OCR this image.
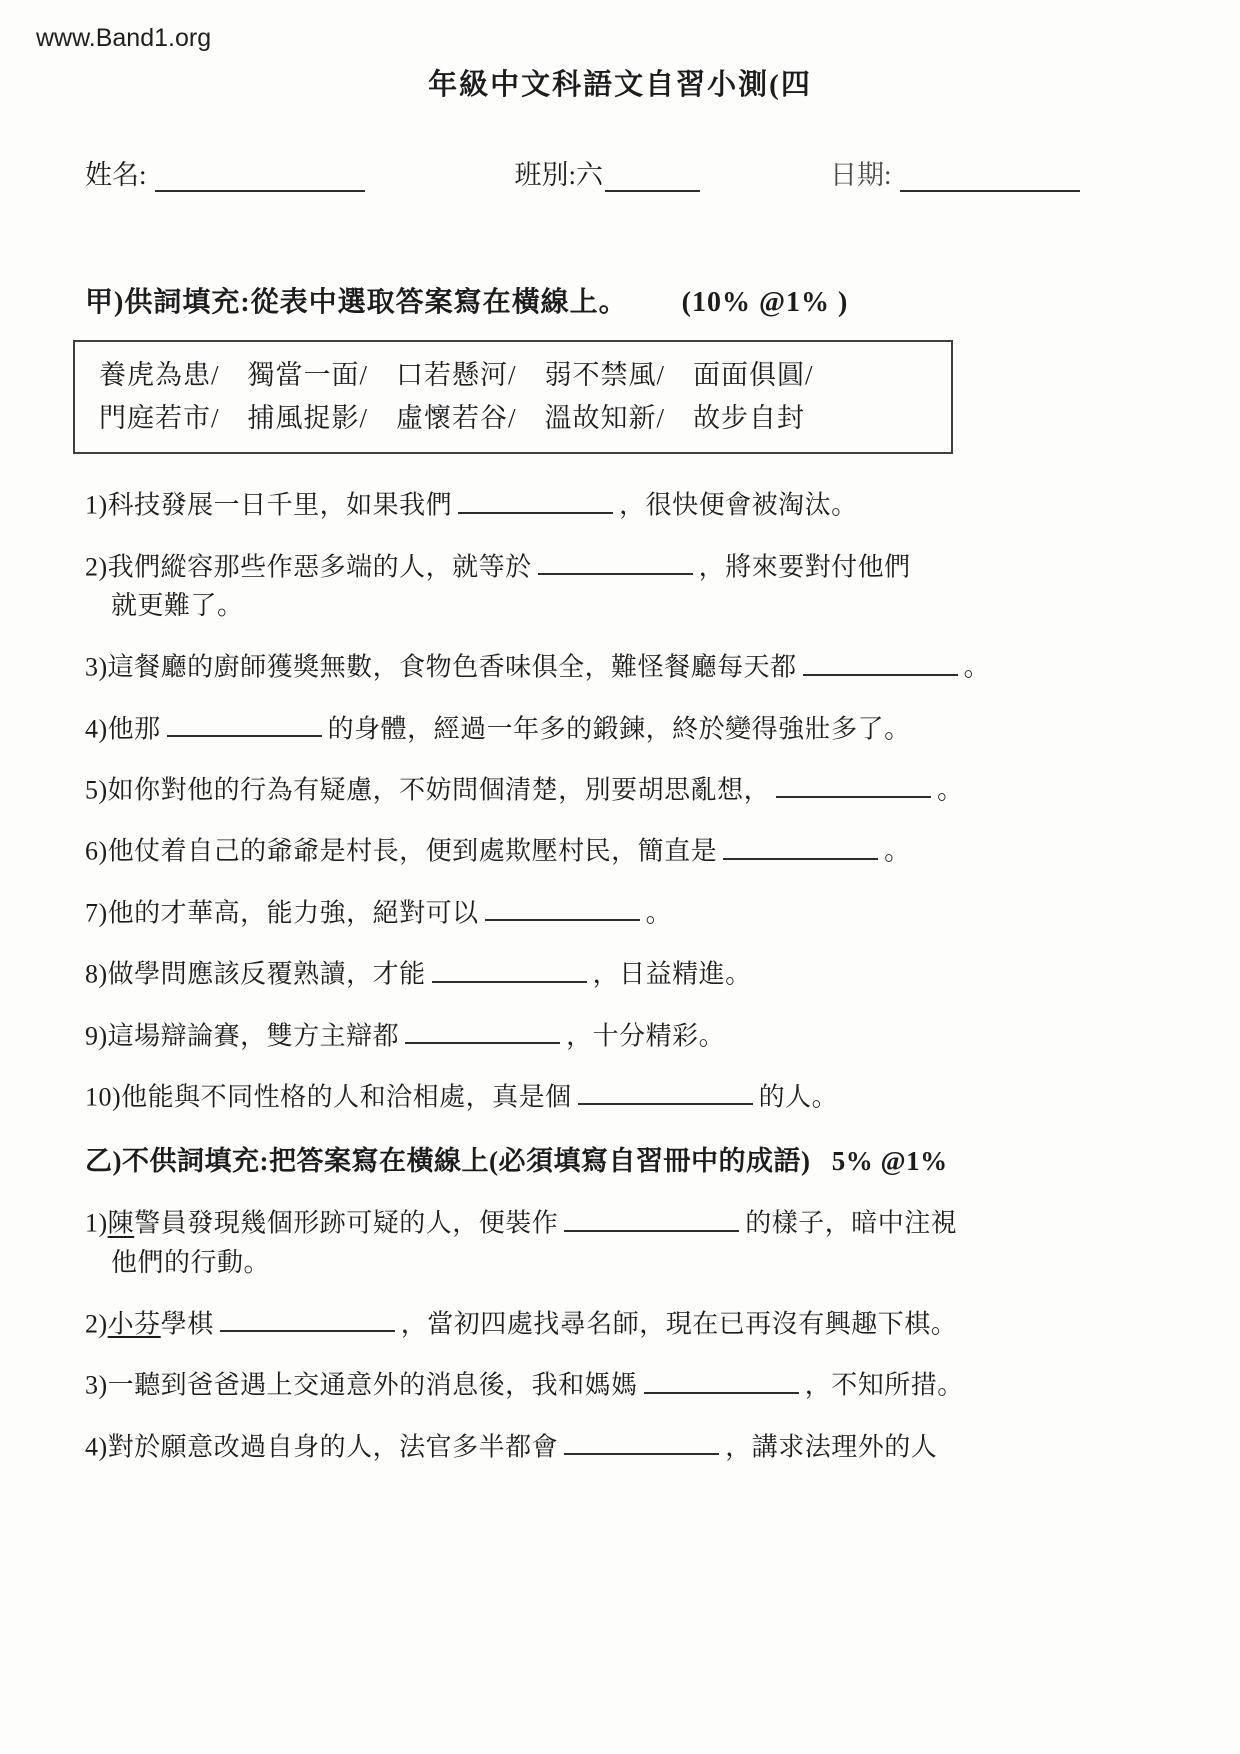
www.Band1.org
年級中文科語文自習小測(四
姓名:	班別:六	日期:
甲)供詞填充:從表中選取答案寫在橫線上。 (10% @1% )
養虎為患/　獨當一面/　口若懸河/　弱不禁風/　面面俱圓/
門庭若市/　捕風捉影/　虛懷若谷/　溫故知新/　故步自封
1)科技發展一日千里，如果我們	，很快便會被淘汰。
2)我們縱容那些作惡多端的人，就等於	，將來要對付他們
就更難了。
3)這餐廳的廚師獲獎無數，食物色香味俱全，難怪餐廳每天都	。
4)他那	的身體，經過一年多的鍛鍊，終於變得強壯多了。
5)如你對他的行為有疑慮，不妨問個清楚，別要胡思亂想，	。
6)他仗着自己的爺爺是村長，便到處欺壓村民，簡直是	。
7)他的才華高，能力強，絕對可以	。
8)做學問應該反覆熟讀，才能	，日益精進。
9)這場辯論賽，雙方主辯都	，十分精彩。
10)他能與不同性格的人和洽相處，真是個	的人。
乙)不供詞填充:把答案寫在橫線上(必須填寫自習冊中的成語) 5% @1%
1)陳警員發現幾個形跡可疑的人，便裝作	的樣子，暗中注視
他們的行動。
2)小芬學棋	，當初四處找尋名師，現在已再沒有興趣下棋。
3)一聽到爸爸遇上交通意外的消息後，我和媽媽	，不知所措。
4)對於願意改過自身的人，法官多半都會	，講求法理外的人
